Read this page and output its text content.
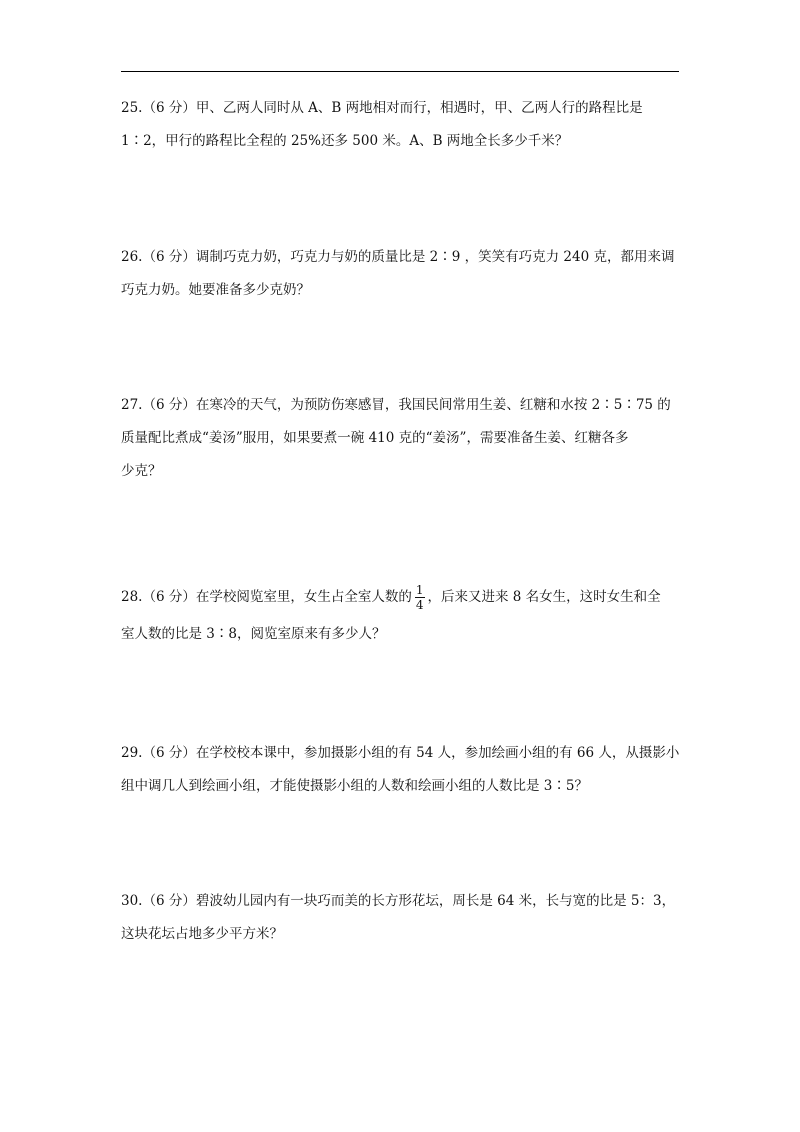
25.（6 分）甲、乙两人同时从 A、B 两地相对而行，相遇时，甲、乙两人行的路程比是
1∶2，甲行的路程比全程的 25%还多 500 米。A、B 两地全长多少千米？
26.（6 分）调制巧克力奶，巧克力与奶的质量比是 2∶9 ，笑笑有巧克力 240 克，都用来调
巧克力奶。她要准备多少克奶？
27.（6 分）在寒冷的天气，为预防伤寒感冒，我国民间常用生姜、红糖和水按 2∶5∶75 的
质量配比煮成“姜汤”服用，如果要煮一碗 410 克的“姜汤”，需要准备生姜、红糖各多
少克？
28.（6 分）在学校阅览室里，女生占全室人数的 $\frac{1}{4}$ ，后来又进来 8 名女生，这时女生和全
室人数的比是 3∶8，阅览室原来有多少人？
29.（6 分）在学校校本课中，参加摄影小组的有 54 人，参加绘画小组的有 66 人，从摄影小
组中调几人到绘画小组，才能使摄影小组的人数和绘画小组的人数比是 3∶5？
30.（6 分）碧波幼儿园内有一块巧而美的长方形花坛，周长是 64 米，长与宽的比是 5：3，
这块花坛占地多少平方米？
